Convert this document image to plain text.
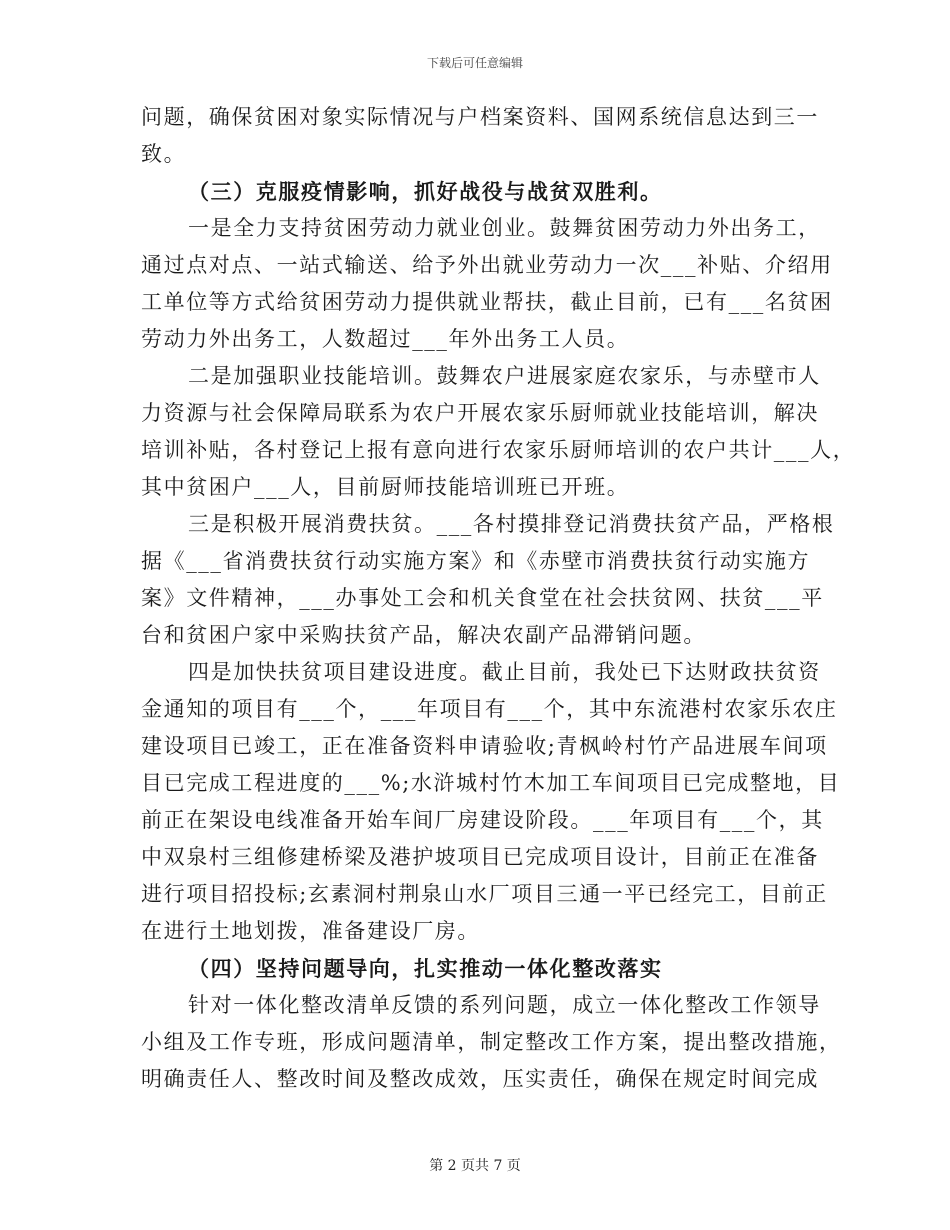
下载后可任意编辑
问题，确保贫困对象实际情况与户档案资料、国网系统信息达到三一
致。
（三）克服疫情影响，抓好战役与战贫双胜利。
一是全力支持贫困劳动力就业创业。鼓舞贫困劳动力外出务工，
通过点对点、一站式输送、给予外出就业劳动力一次___补贴、介绍用
工单位等方式给贫困劳动力提供就业帮扶，截止目前，已有___名贫困
劳动力外出务工，人数超过___年外出务工人员。
二是加强职业技能培训。鼓舞农户进展家庭农家乐，与赤壁市人
力资源与社会保障局联系为农户开展农家乐厨师就业技能培训，解决
培训补贴，各村登记上报有意向进行农家乐厨师培训的农户共计___人，
其中贫困户___人，目前厨师技能培训班已开班。
三是积极开展消费扶贫。___各村摸排登记消费扶贫产品，严格根
据《___省消费扶贫行动实施方案》和《赤壁市消费扶贫行动实施方
案》文件精神，___办事处工会和机关食堂在社会扶贫网、扶贫___平
台和贫困户家中采购扶贫产品，解决农副产品滞销问题。
四是加快扶贫项目建设进度。截止目前，我处已下达财政扶贫资
金通知的项目有___个，___年项目有___个，其中东流港村农家乐农庄
建设项目已竣工，正在准备资料申请验收;青枫岭村竹产品进展车间项
目已完成工程进度的___%;水浒城村竹木加工车间项目已完成整地，目
前正在架设电线准备开始车间厂房建设阶段。___年项目有___个，其
中双泉村三组修建桥梁及港护坡项目已完成项目设计，目前正在准备
进行项目招投标;玄素洞村荆泉山水厂项目三通一平已经完工，目前正
在进行土地划拨，准备建设厂房。
（四）坚持问题导向，扎实推动一体化整改落实
针对一体化整改清单反馈的系列问题，成立一体化整改工作领导
小组及工作专班，形成问题清单，制定整改工作方案，提出整改措施，
明确责任人、整改时间及整改成效，压实责任，确保在规定时间完成
第 2 页共 7 页
